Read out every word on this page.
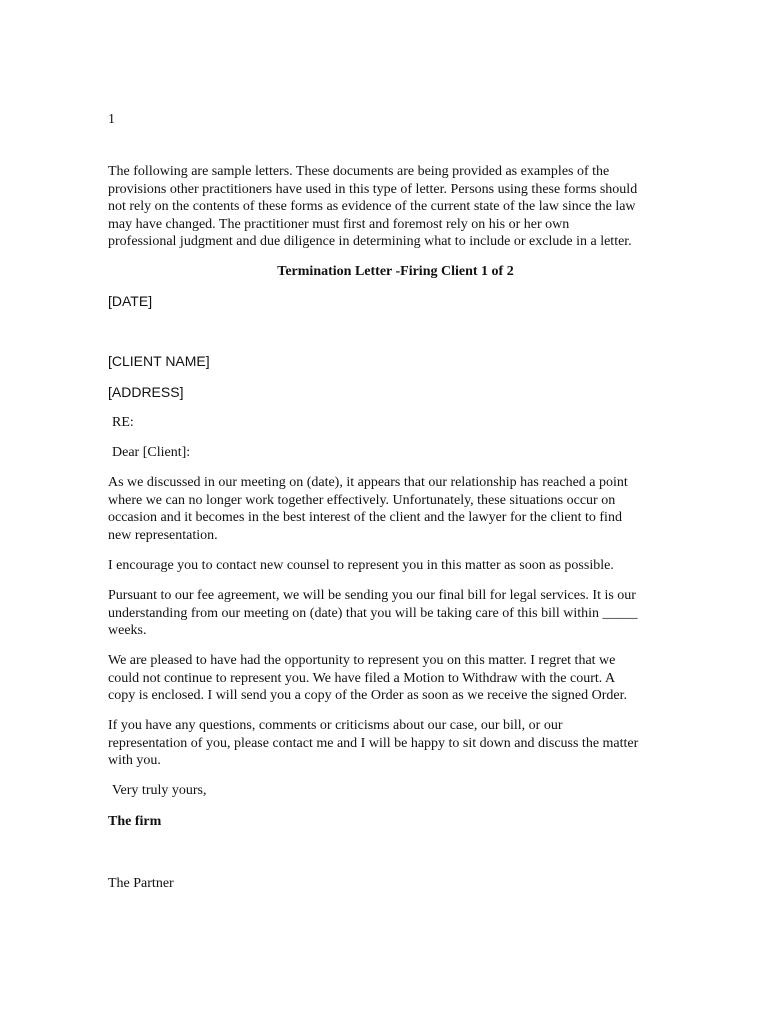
1
The following are sample letters. These documents are being provided as examples of the
provisions other practitioners have used in this type of letter. Persons using these forms should
not rely on the contents of these forms as evidence of the current state of the law since the law
may have changed. The practitioner must first and foremost rely on his or her own
professional judgment and due diligence in determining what to include or exclude in a letter.
Termination Letter -Firing Client 1 of 2
[DATE]
[CLIENT NAME]
[ADDRESS]
RE:
Dear [Client]:
As we discussed in our meeting on (date), it appears that our relationship has reached a point
where we can no longer work together effectively. Unfortunately, these situations occur on
occasion and it becomes in the best interest of the client and the lawyer for the client to find
new representation.
I encourage you to contact new counsel to represent you in this matter as soon as possible.
Pursuant to our fee agreement, we will be sending you our final bill for legal services. It is our
understanding from our meeting on (date) that you will be taking care of this bill within _____
weeks.
We are pleased to have had the opportunity to represent you on this matter. I regret that we
could not continue to represent you. We have filed a Motion to Withdraw with the court. A
copy is enclosed. I will send you a copy of the Order as soon as we receive the signed Order.
If you have any questions, comments or criticisms about our case, our bill, or our
representation of you, please contact me and I will be happy to sit down and discuss the matter
with you.
Very truly yours,
The firm
The Partner
